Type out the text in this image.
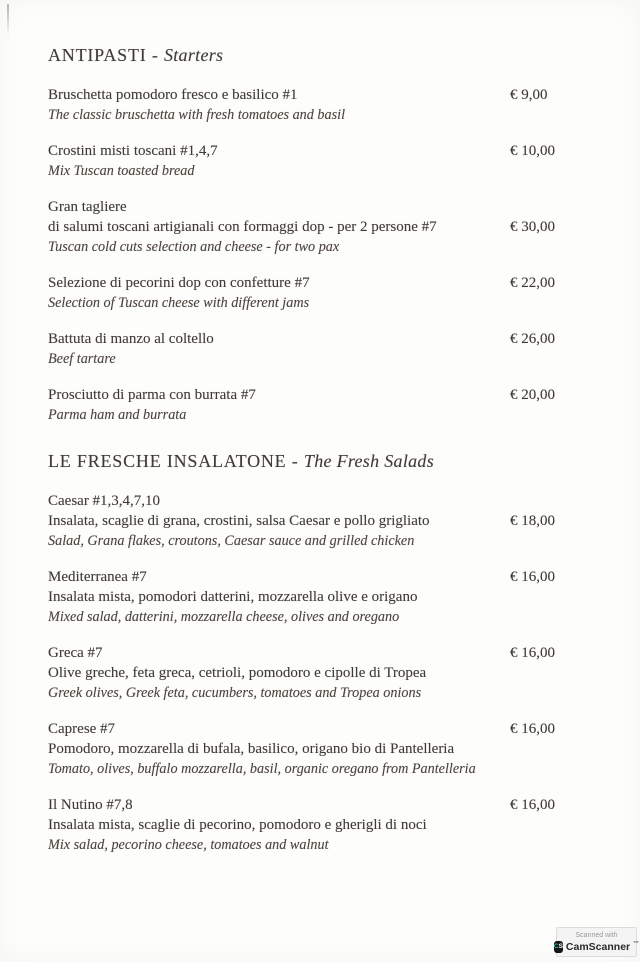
ANTIPASTI - Starters
Bruschetta pomodoro fresco e basilico #1	€ 9,00
The classic bruschetta with fresh tomatoes and basil
Crostini misti toscani #1,4,7	€ 10,00
Mix Tuscan toasted bread
Gran tagliere
di salumi toscani artigianali con formaggi dop - per 2 persone #7	€ 30,00
Tuscan cold cuts selection and cheese - for two pax
Selezione di pecorini dop con confetture #7	€ 22,00
Selection of Tuscan cheese with different jams
Battuta di manzo al coltello	€ 26,00
Beef tartare
Prosciutto di parma con burrata #7	€ 20,00
Parma ham and burrata
LE FRESCHE INSALATONE - The Fresh Salads
Caesar #1,3,4,7,10
Insalata, scaglie di grana, crostini, salsa Caesar e pollo grigliato	€ 18,00
Salad, Grana flakes, croutons, Caesar sauce and grilled chicken
Mediterranea #7	€ 16,00
Insalata mista, pomodori datterini, mozzarella olive e origano
Mixed salad, datterini, mozzarella cheese, olives and oregano
Greca #7	€ 16,00
Olive greche, feta greca, cetrioli, pomodoro e cipolle di Tropea
Greek olives, Greek feta, cucumbers, tomatoes and Tropea onions
Caprese #7	€ 16,00
Pomodoro, mozzarella di bufala, basilico, origano bio di Pantelleria
Tomato, olives, buffalo mozzarella, basil, organic oregano from Pantelleria
Il Nutino #7,8	€ 16,00
Insalata mista, scaglie di pecorino, pomodoro e gherigli di noci
Mix salad, pecorino cheese, tomatoes and walnut
Scanned with
C S CamScanner ™
